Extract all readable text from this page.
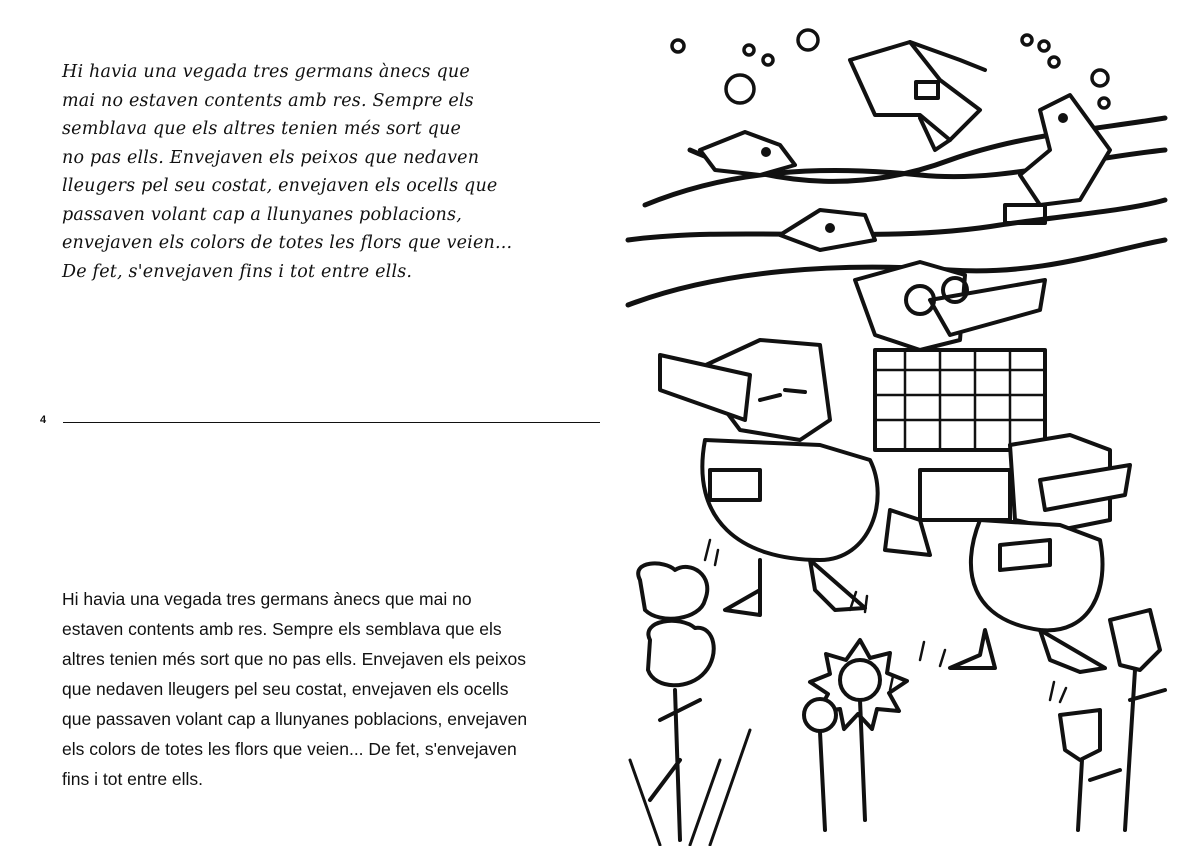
Hi havia una vegada tres germans ànecs que
mai no estaven contents amb res. Sempre els
semblava que els altres tenien més sort que
no pas ells. Envejaven els peixos que nedaven
lleugers pel seu costat, envejaven els ocells que
passaven volant cap a llunyanes poblacions,
envejaven els colors de totes les flors que veien...
De fet, s'envejaven fins i tot entre ells.
4
Hi havia una vegada tres germans ànecs que mai no
estaven contents amb res. Sempre els semblava que els
altres tenien més sort que no pas ells. Envejaven els peixos
que nedaven lleugers pel seu costat, envejaven els ocells
que passaven volant cap a llunyanes poblacions, envejaven
els colors de totes les flors que veien... De fet, s'envejaven
fins i tot entre ells.
